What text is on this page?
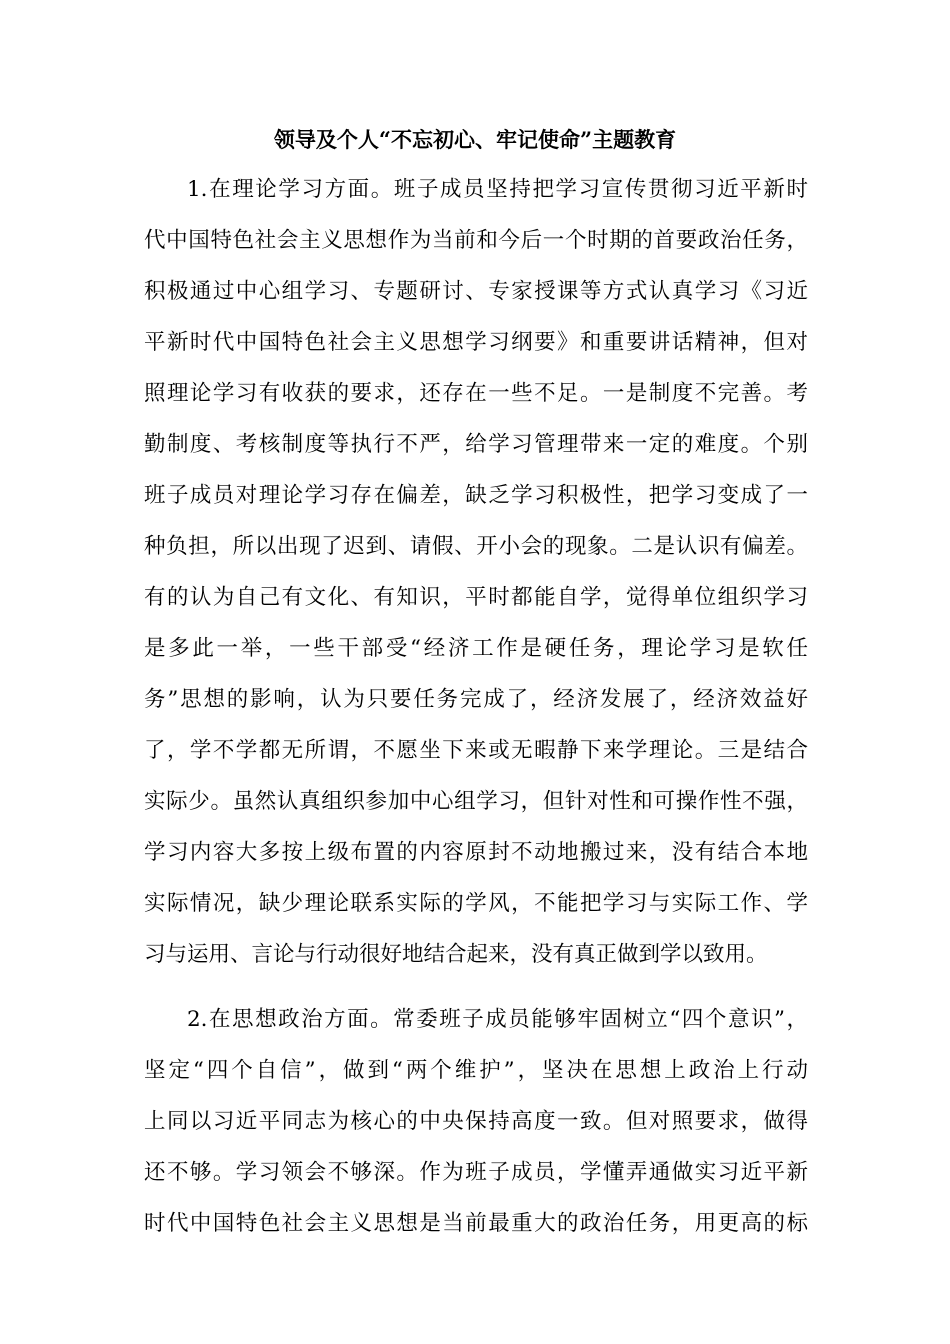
领导及个人“不忘初心、牢记使命”主题教育
1.在理论学习方面。班子成员坚持把学习宣传贯彻习近平新时
代中国特色社会主义思想作为当前和今后一个时期的首要政治任务，
积极通过中心组学习、专题研讨、专家授课等方式认真学习《习近
平新时代中国特色社会主义思想学习纲要》和重要讲话精神，但对
照理论学习有收获的要求，还存在一些不足。一是制度不完善。考
勤制度、考核制度等执行不严，给学习管理带来一定的难度。个别
班子成员对理论学习存在偏差，缺乏学习积极性，把学习变成了一
种负担，所以出现了迟到、请假、开小会的现象。二是认识有偏差。
有的认为自己有文化、有知识，平时都能自学，觉得单位组织学习
是多此一举，一些干部受“经济工作是硬任务，理论学习是软任
务”思想的影响，认为只要任务完成了，经济发展了，经济效益好
了，学不学都无所谓，不愿坐下来或无暇静下来学理论。三是结合
实际少。虽然认真组织参加中心组学习，但针对性和可操作性不强，
学习内容大多按上级布置的内容原封不动地搬过来，没有结合本地
实际情况，缺少理论联系实际的学风，不能把学习与实际工作、学
习与运用、言论与行动很好地结合起来，没有真正做到学以致用。
2.在思想政治方面。常委班子成员能够牢固树立“四个意识”，
坚定“四个自信”，做到“两个维护”，坚决在思想上政治上行动
上同以习近平同志为核心的中央保持高度一致。但对照要求，做得
还不够。学习领会不够深。作为班子成员，学懂弄通做实习近平新
时代中国特色社会主义思想是当前最重大的政治任务，用更高的标
